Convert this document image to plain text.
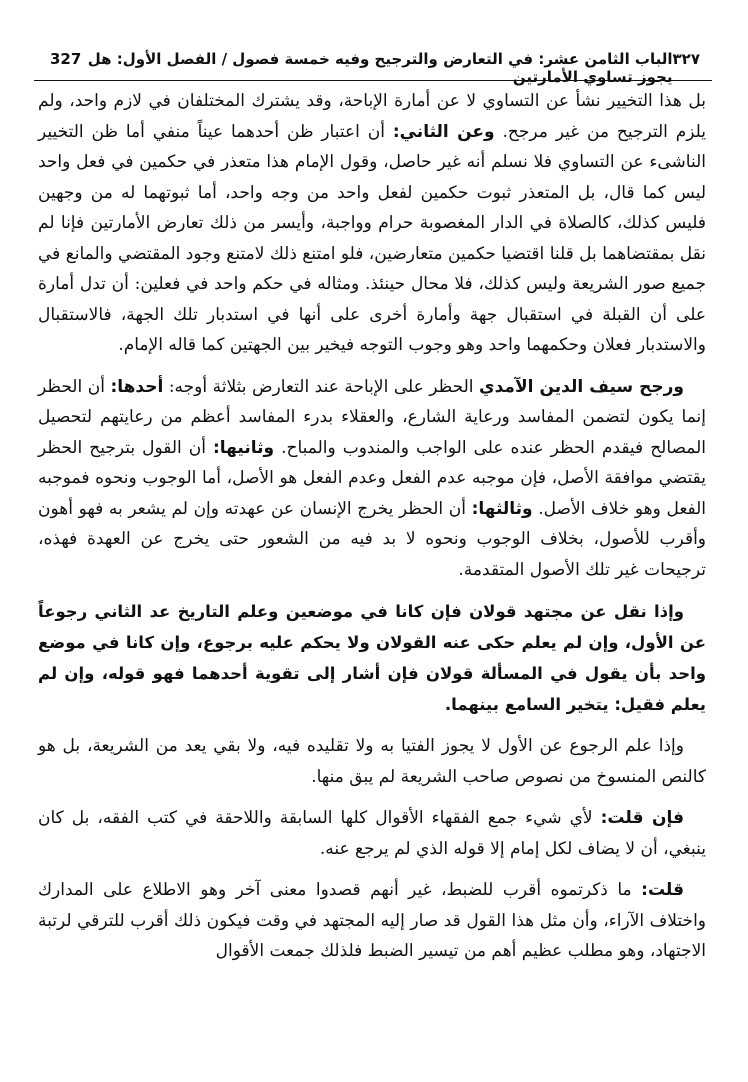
327 الباب الثامن عشر: في التعارض والترجيح وفيه خمسة فصول / الفصل الأول: هل يجوز تساوي الأمارتين
٣٢٧

بل هذا التخيير نشأ عن التساوي لا عن أمارة الإباحة، وقد يشترك المختلفان في لازم واحد، ولم يلزم الترجيح من غير مرجح. وعن الثاني: أن اعتبار ظن أحدهما عيناً منفي أما ظن التخيير الناشىء عن التساوي فلا نسلم أنه غير حاصل، وقول الإمام هذا متعذر في حكمين في فعل واحد ليس كما قال، بل المتعذر ثبوت حكمين لفعل واحد من وجه واحد، أما ثبوتهما له من وجهين فليس كذلك، كالصلاة في الدار المغصوبة حرام وواجبة، وأيسر من ذلك تعارض الأمارتين فإنا لم نقل بمقتضاهما بل قلنا اقتضيا حكمين متعارضين، فلو امتنع ذلك لامتنع وجود المقتضي والمانع في جميع صور الشريعة وليس كذلك، فلا محال حينئذ. ومثاله في حكم واحد في فعلين: أن تدل أمارة على أن القبلة في استقبال جهة وأمارة أخرى على أنها في استدبار تلك الجهة، فالاستقبال والاستدبار فعلان وحكمهما واحد وهو وجوب التوجه فيخير بين الجهتين كما قاله الإمام.

ورجح سيف الدين الآمدي الحظر على الإباحة عند التعارض بثلاثة أوجه: أحدها: أن الحظر إنما يكون لتضمن المفاسد ورعاية الشارع، والعقلاء بدرء المفاسد أعظم من رعايتهم لتحصيل المصالح فيقدم الحظر عنده على الواجب والمندوب والمباح. وثانيها: أن القول بترجيح الحظر يقتضي موافقة الأصل، فإن موجبه عدم الفعل وعدم الفعل هو الأصل، أما الوجوب ونحوه فموجبه الفعل وهو خلاف الأصل. وثالثها: أن الحظر يخرج الإنسان عن عهدته وإن لم يشعر به فهو أهون وأقرب للأصول، بخلاف الوجوب ونحوه لا بد فيه من الشعور حتى يخرج عن العهدة فهذه، ترجيحات غير تلك الأصول المتقدمة.

وإذا نقل عن مجتهد قولان فإن كانا في موضعين وعلم التاريخ عد الثاني رجوعاً عن الأول، وإن لم يعلم حكى عنه القولان ولا يحكم عليه برجوع، وإن كانا في موضع واحد بأن يقول في المسألة قولان فإن أشار إلى تقوية أحدهما فهو قوله، وإن لم يعلم فقيل: يتخير السامع بينهما.

وإذا علم الرجوع عن الأول لا يجوز الفتيا به ولا تقليده فيه، ولا بقي يعد من الشريعة، بل هو كالنص المنسوخ من نصوص صاحب الشريعة لم يبق منها.

فإن قلت: لأي شيء جمع الفقهاء الأقوال كلها السابقة واللاحقة في كتب الفقه، بل كان ينبغي، أن لا يضاف لكل إمام إلا قوله الذي لم يرجع عنه.

قلت: ما ذكرتموه أقرب للضبط، غير أنهم قصدوا معنى آخر وهو الاطلاع على المدارك واختلاف الآراء، وأن مثل هذا القول قد صار إليه المجتهد في وقت فيكون ذلك أقرب للترقي لرتبة الاجتهاد، وهو مطلب عظيم أهم من تيسير الضبط فلذلك جمعت الأقوال
